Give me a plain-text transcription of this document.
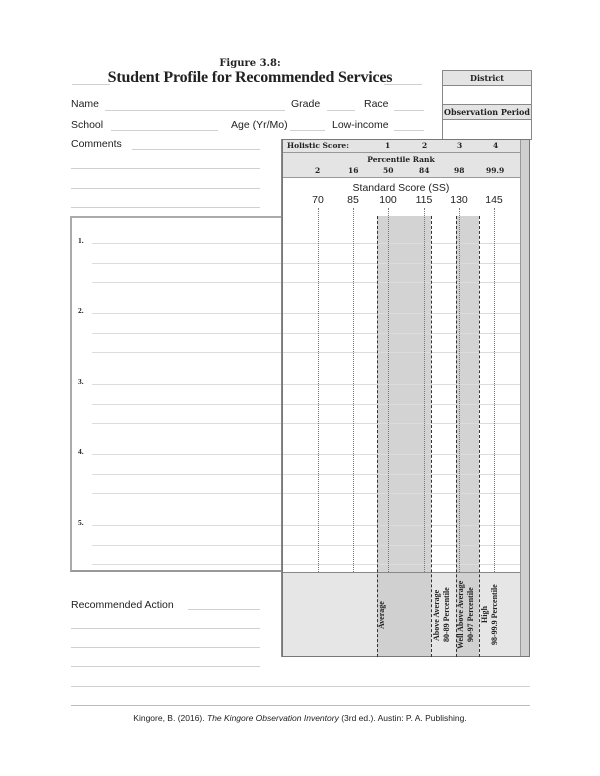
Figure 3.8:
Student Profile for Recommended Services	District
Observation Period
Name	Grade	Race
School	Age (Yr/Mo)	Low-income
Comments
1.
2.
3.
4.
5.
Holistic Score:	1	2	3	4
Percentile Rank
2	16	50	84	98	99.9
Standard Score (SS)
70	85	100	115	130	145
Average	Above Average
80-89 Percentile Well Above Average
90-97 Percentile High
98-99.9 Percentile
Recommended Action
Kingore, B. (2016). The Kingore Observation Inventory (3rd ed.). Austin: P. A. Publishing.
